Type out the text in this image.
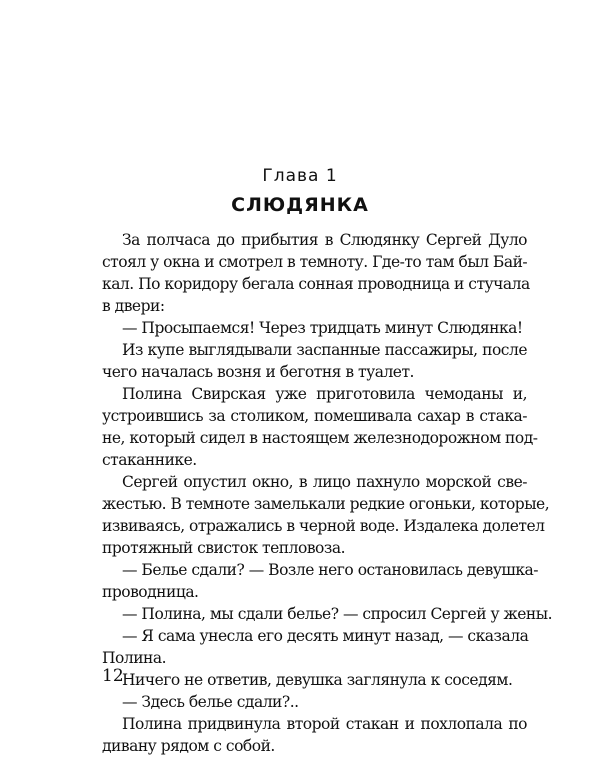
Глава 1
СЛЮДЯНКА
За полчаса до прибытия в Слюдянку Сергей Дуло
стоял у окна и смотрел в темноту. Где-то там был Бай-
кал. По коридору бегала сонная проводница и стучала
в двери:
— Просыпаемся! Через тридцать минут Слюдянка!
Из купе выглядывали заспанные пассажиры, после
чего началась возня и беготня в туалет.
Полина Свирская уже приготовила чемоданы и,
устроившись за столиком, помешивала сахар в стака-
не, который сидел в настоящем железнодорожном под-
стаканнике.
Сергей опустил окно, в лицо пахнуло морской све-
жестью. В темноте замелькали редкие огоньки, которые,
извиваясь, отражались в черной воде. Издалека долетел
протяжный свисток тепловоза.
— Белье сдали? — Возле него остановилась девушка-
проводница.
— Полина, мы сдали белье? — спросил Сергей у жены.
— Я сама унесла его десять минут назад, — сказала
Полина.
Ничего не ответив, девушка заглянула к соседям.
— Здесь белье сдали?..
Полина придвинула второй стакан и похлопала по
дивану рядом с собой.
12
